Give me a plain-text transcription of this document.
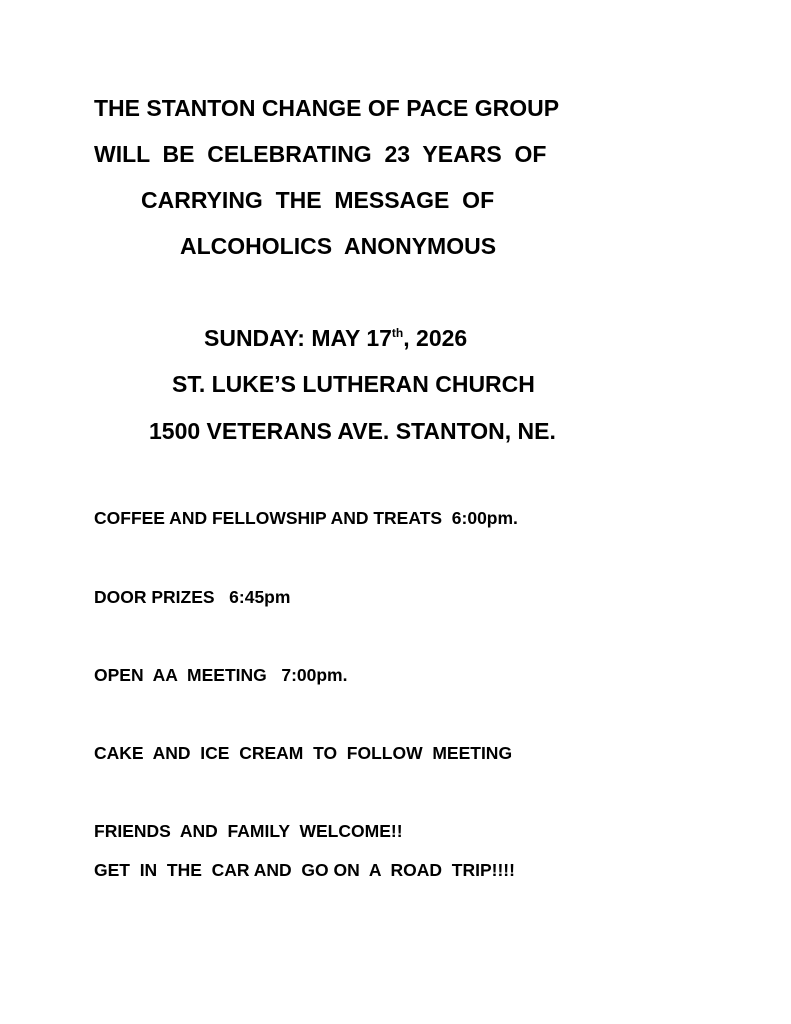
THE STANTON CHANGE OF PACE GROUP
WILL  BE  CELEBRATING  23  YEARS  OF
CARRYING  THE  MESSAGE  OF
ALCOHOLICS  ANONYMOUS
SUNDAY: MAY 17th, 2026
ST. LUKE’S LUTHERAN CHURCH
1500 VETERANS AVE. STANTON, NE.
COFFEE AND FELLOWSHIP AND TREATS  6:00pm.
DOOR PRIZES   6:45pm
OPEN  AA  MEETING   7:00pm.
CAKE  AND  ICE  CREAM  TO  FOLLOW  MEETING
FRIENDS  AND  FAMILY  WELCOME!!
GET  IN  THE  CAR AND  GO ON  A  ROAD  TRIP!!!!
